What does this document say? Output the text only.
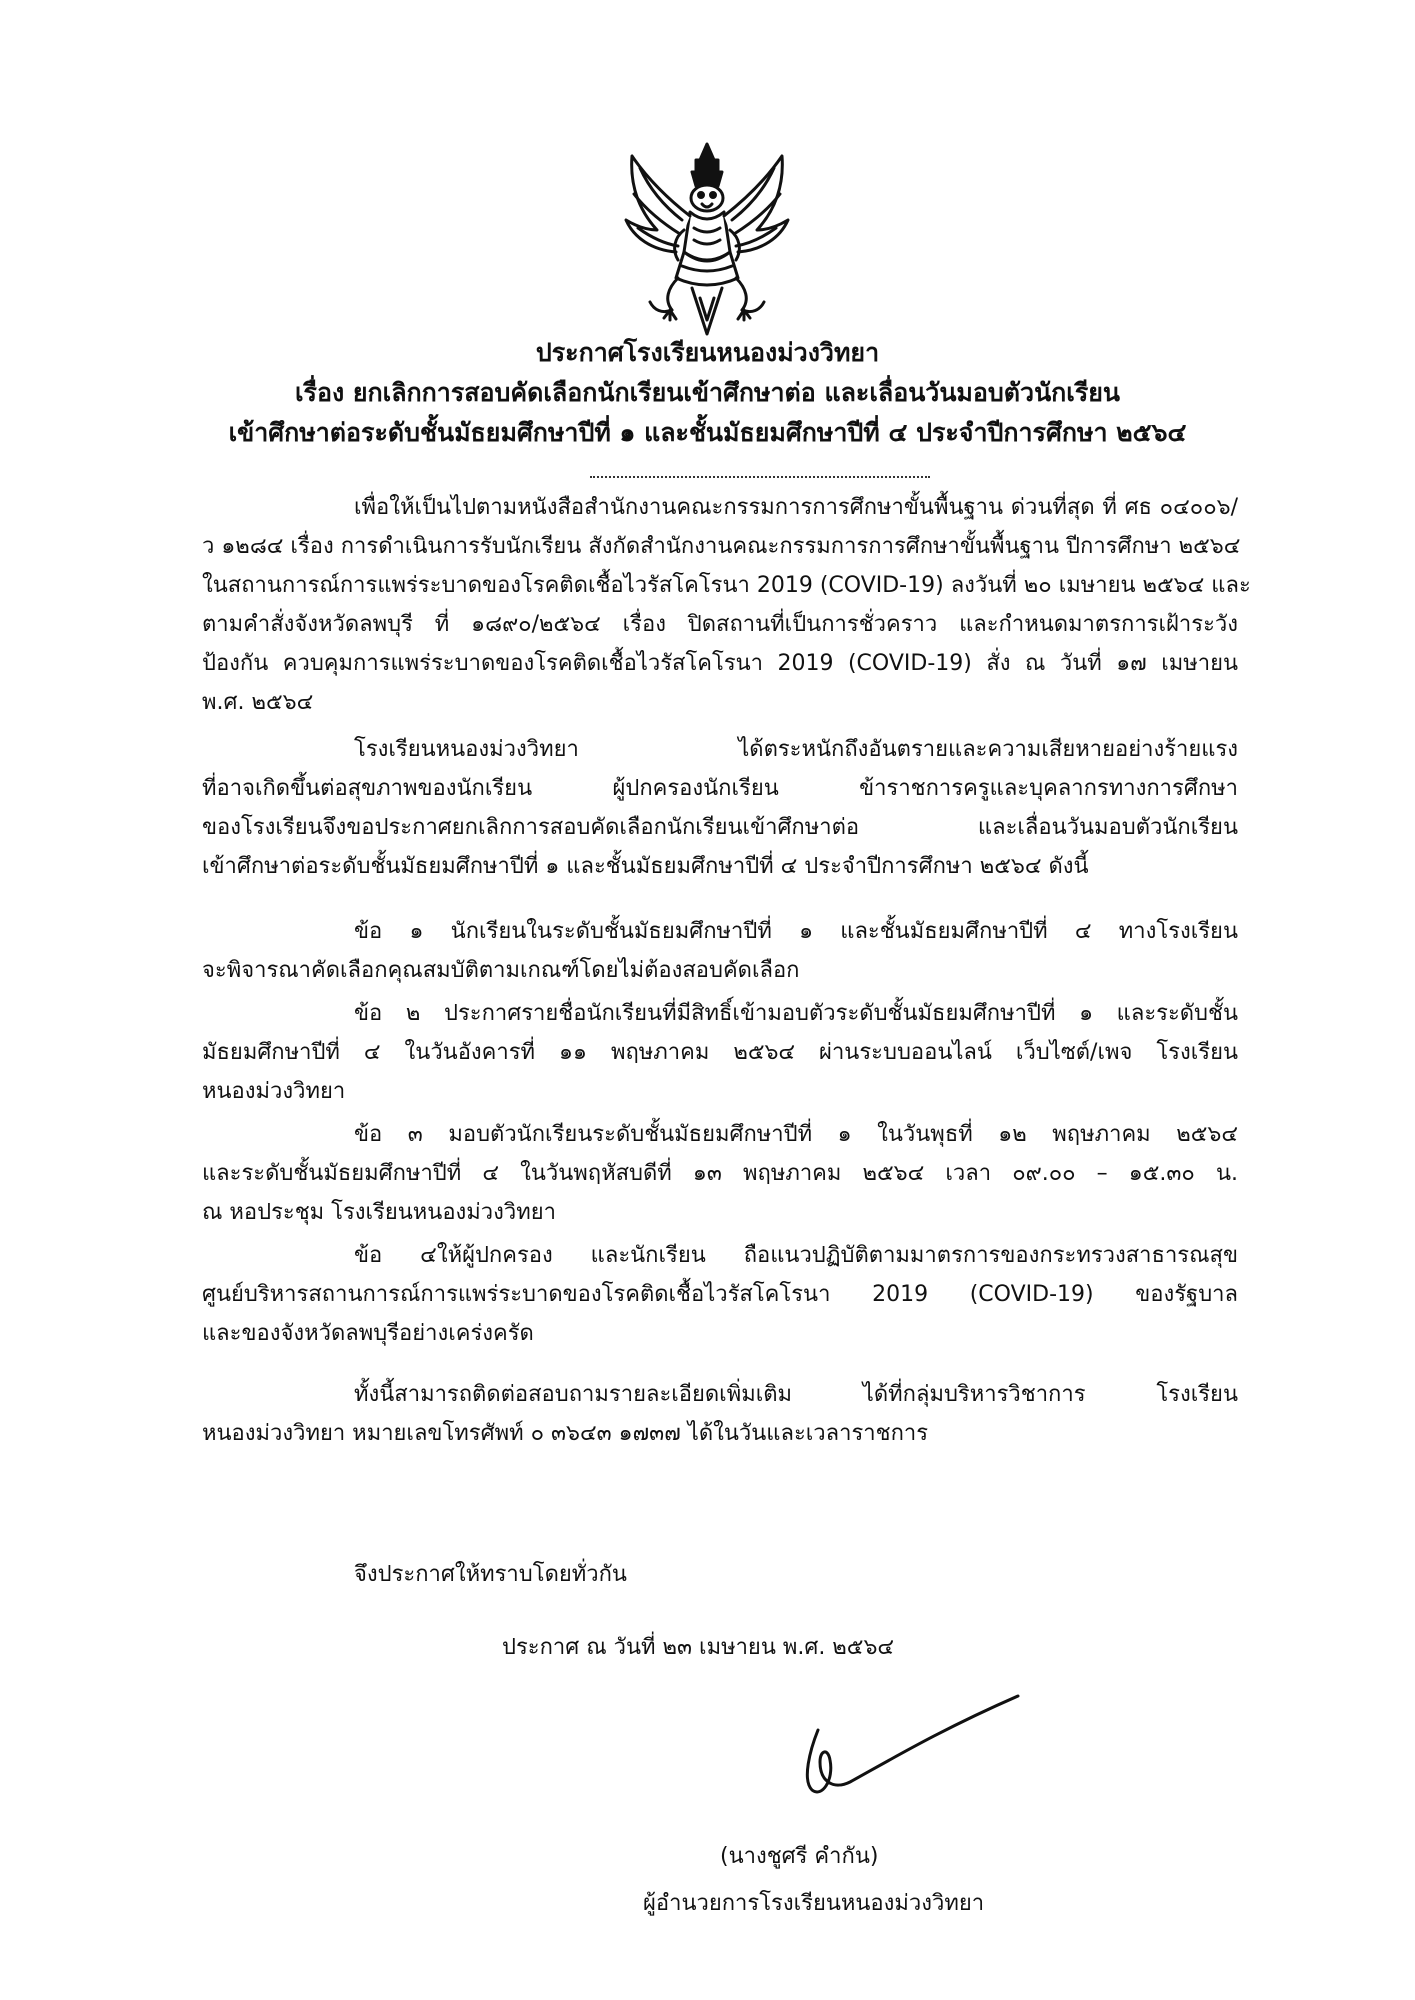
ประกาศโรงเรียนหนองม่วงวิทยา
เรื่อง ยกเลิกการสอบคัดเลือกนักเรียนเข้าศึกษาต่อ และเลื่อนวันมอบตัวนักเรียน
เข้าศึกษาต่อระดับชั้นมัธยมศึกษาปีที่ ๑ และชั้นมัธยมศึกษาปีที่ ๔ ประจำปีการศึกษา ๒๕๖๔
เพื่อให้เป็นไปตามหนังสือสำนักงานคณะกรรมการการศึกษาขั้นพื้นฐาน ด่วนที่สุด ที่ ศธ ๐๔๐๐๖/
ว ๑๒๘๔ เรื่อง การดำเนินการรับนักเรียน สังกัดสำนักงานคณะกรรมการการศึกษาขั้นพื้นฐาน ปีการศึกษา ๒๕๖๔
ในสถานการณ์การแพร่ระบาดของโรคติดเชื้อไวรัสโคโรนา 2019 (COVID-19) ลงวันที่ ๒๐ เมษายน ๒๕๖๔ และ
ตามคำสั่งจังหวัดลพบุรี ที่ ๑๘๙๐/๒๕๖๔ เรื่อง ปิดสถานที่เป็นการชั่วคราว และกำหนดมาตรการเฝ้าระวัง
ป้องกัน ควบคุมการแพร่ระบาดของโรคติดเชื้อไวรัสโคโรนา 2019 (COVID-19) สั่ง ณ วันที่ ๑๗ เมษายน
พ.ศ. ๒๕๖๔
โรงเรียนหนองม่วงวิทยา ได้ตระหนักถึงอันตรายและความเสียหายอย่างร้ายแรง
ที่อาจเกิดขึ้นต่อสุขภาพของนักเรียน ผู้ปกครองนักเรียน ข้าราชการครูและบุคลากรทางการศึกษา
ของโรงเรียนจึงขอประกาศยกเลิกการสอบคัดเลือกนักเรียนเข้าศึกษาต่อ และเลื่อนวันมอบตัวนักเรียน
เข้าศึกษาต่อระดับชั้นมัธยมศึกษาปีที่ ๑ และชั้นมัธยมศึกษาปีที่ ๔ ประจำปีการศึกษา ๒๕๖๔ ดังนี้
ข้อ ๑ นักเรียนในระดับชั้นมัธยมศึกษาปีที่ ๑ และชั้นมัธยมศึกษาปีที่ ๔ ทางโรงเรียน
จะพิจารณาคัดเลือกคุณสมบัติตามเกณฑ์โดยไม่ต้องสอบคัดเลือก
ข้อ ๒ ประกาศรายชื่อนักเรียนที่มีสิทธิ์เข้ามอบตัวระดับชั้นมัธยมศึกษาปีที่ ๑ และระดับชั้น
มัธยมศึกษาปีที่ ๔ ในวันอังคารที่ ๑๑ พฤษภาคม ๒๕๖๔ ผ่านระบบออนไลน์ เว็บไซต์/เพจ โรงเรียน
หนองม่วงวิทยา
ข้อ ๓ มอบตัวนักเรียนระดับชั้นมัธยมศึกษาปีที่ ๑ ในวันพุธที่ ๑๒ พฤษภาคม ๒๕๖๔
และระดับชั้นมัธยมศึกษาปีที่ ๔ ในวันพฤหัสบดีที่ ๑๓ พฤษภาคม ๒๕๖๔ เวลา ๐๙.๐๐ – ๑๕.๓๐ น.
ณ หอประชุม โรงเรียนหนองม่วงวิทยา
ข้อ ๔ให้ผู้ปกครอง และนักเรียน ถือแนวปฏิบัติตามมาตรการของกระทรวงสาธารณสุข
ศูนย์บริหารสถานการณ์การแพร่ระบาดของโรคติดเชื้อไวรัสโคโรนา 2019 (COVID-19) ของรัฐบาล
และของจังหวัดลพบุรีอย่างเคร่งครัด
ทั้งนี้สามารถติดต่อสอบถามรายละเอียดเพิ่มเติม ได้ที่กลุ่มบริหารวิชาการ โรงเรียน
หนองม่วงวิทยา หมายเลขโทรศัพท์ ๐ ๓๖๔๓ ๑๗๓๗ ได้ในวันและเวลาราชการ
จึงประกาศให้ทราบโดยทั่วกัน
ประกาศ ณ วันที่ ๒๓ เมษายน พ.ศ. ๒๕๖๔
(นางชูศรี คำกัน)
ผู้อำนวยการโรงเรียนหนองม่วงวิทยา
